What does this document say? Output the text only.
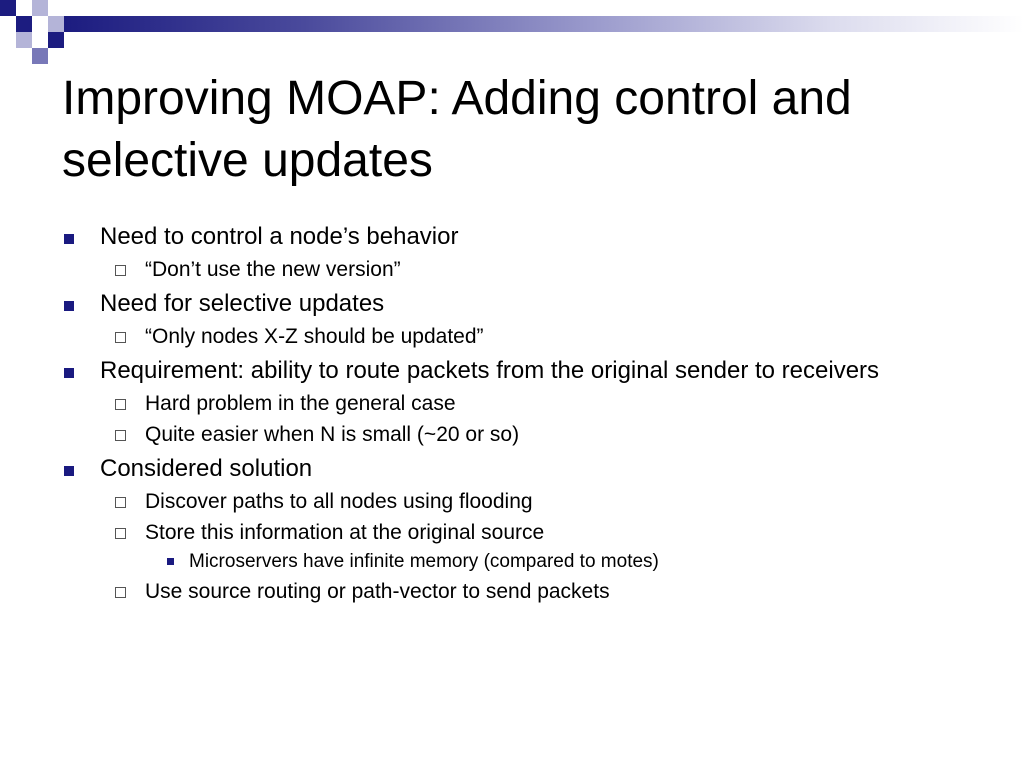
Improving MOAP: Adding control and selective updates
Need to control a node’s behavior
“Don’t use the new version”
Need for selective updates
“Only nodes X-Z should be updated”
Requirement: ability to route packets from the original sender to receivers
Hard problem in the general case
Quite easier when N is small (~20 or so)
Considered solution
Discover paths to all nodes using flooding
Store this information at the original source
Microservers have infinite memory (compared to motes)
Use source routing or path-vector to send packets
